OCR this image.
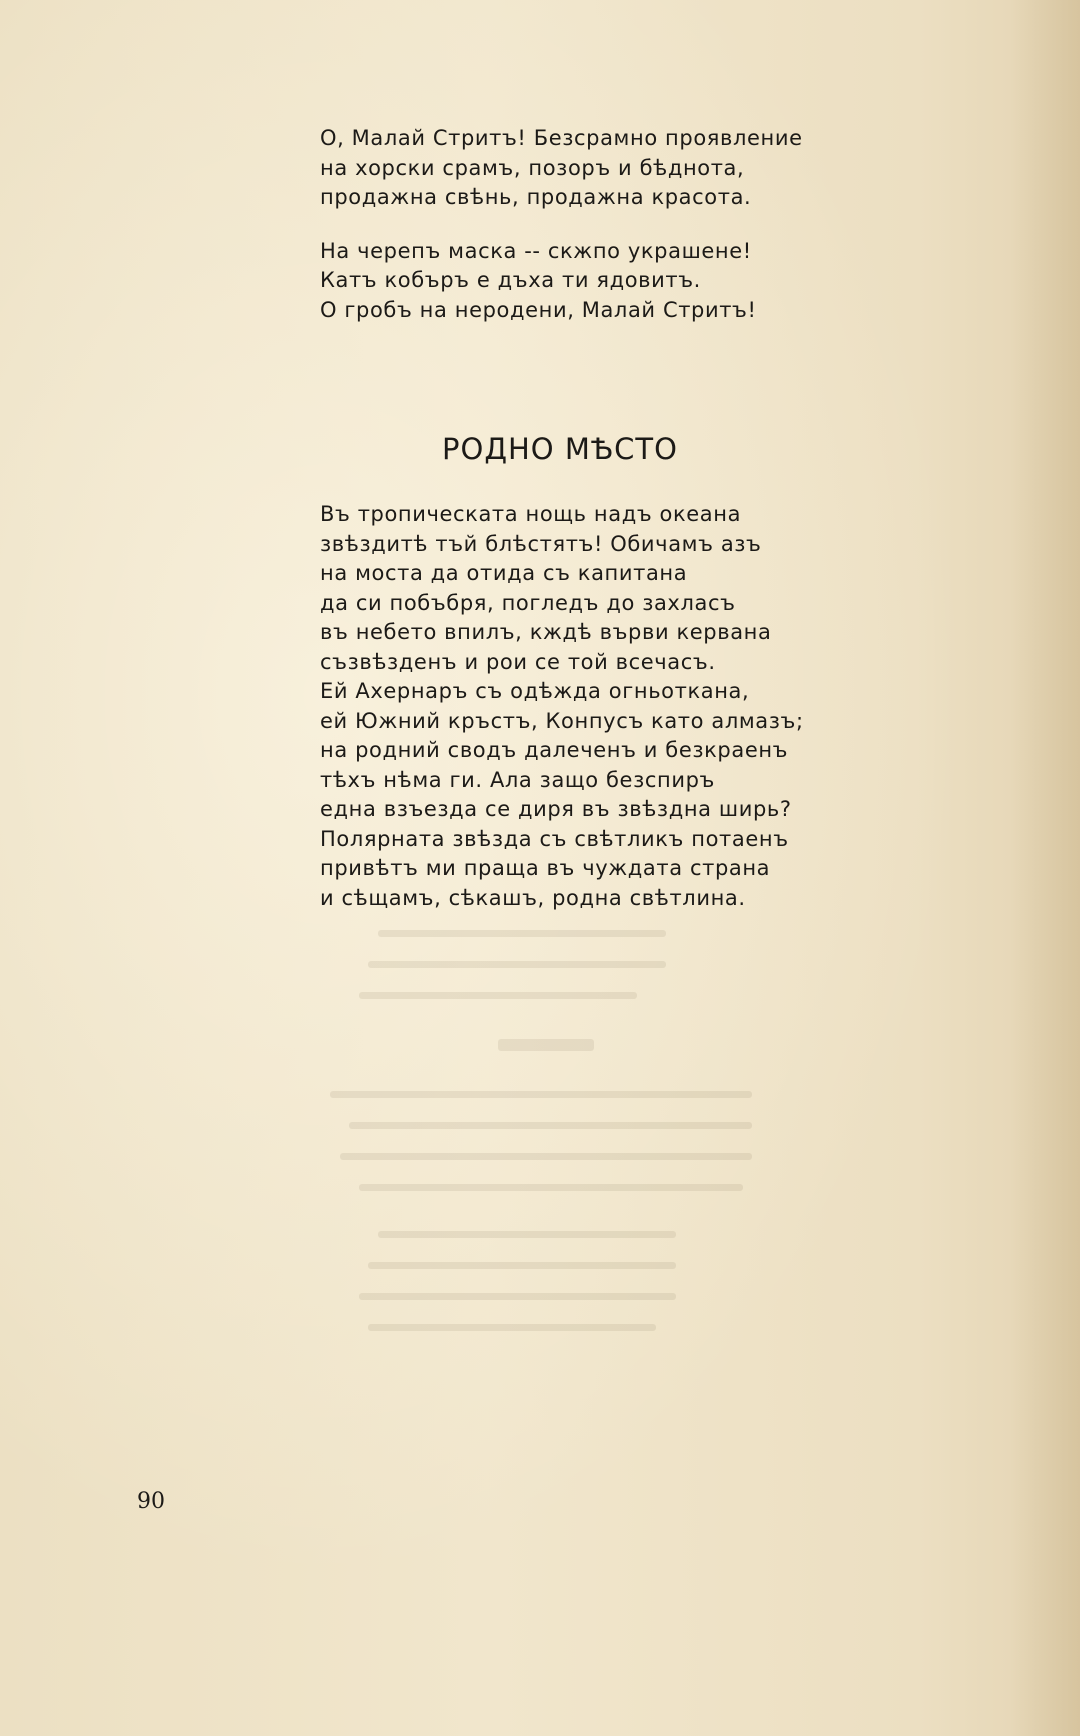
О, Малай Стритъ! Безсрамно проявление
на хорски срамъ, позоръ и бѣднота,
продажна свѣнь, продажна красота.
На черепъ маска -- скжпо украшене!
Катъ кобъръ е дъха ти ядовитъ.
О гробъ на неродени, Малай Стритъ!
РОДНО МѢСТО
Въ тропическата нощь надъ океана
звѣздитѣ тъй блѣстятъ! Обичамъ азъ
на моста да отида съ капитана
да си побъбря, погледъ до захласъ
въ небето впилъ, кждѣ върви кервана
съзвѣзденъ и рои се той всечасъ.
Ей Ахернаръ съ одѣжда огньоткана,
ей Южний кръстъ, Конпусъ като алмазъ;
на родний сводъ далеченъ и безкраенъ
тѣхъ нѣма ги. Ала защо безспиръ
една взъезда се диря въ звѣздна ширь?
Полярната звѣзда съ свѣтликъ потаенъ
привѣтъ ми праща въ чуждата страна
и сѣщамъ, сѣкашъ, родна свѣтлина.
90
